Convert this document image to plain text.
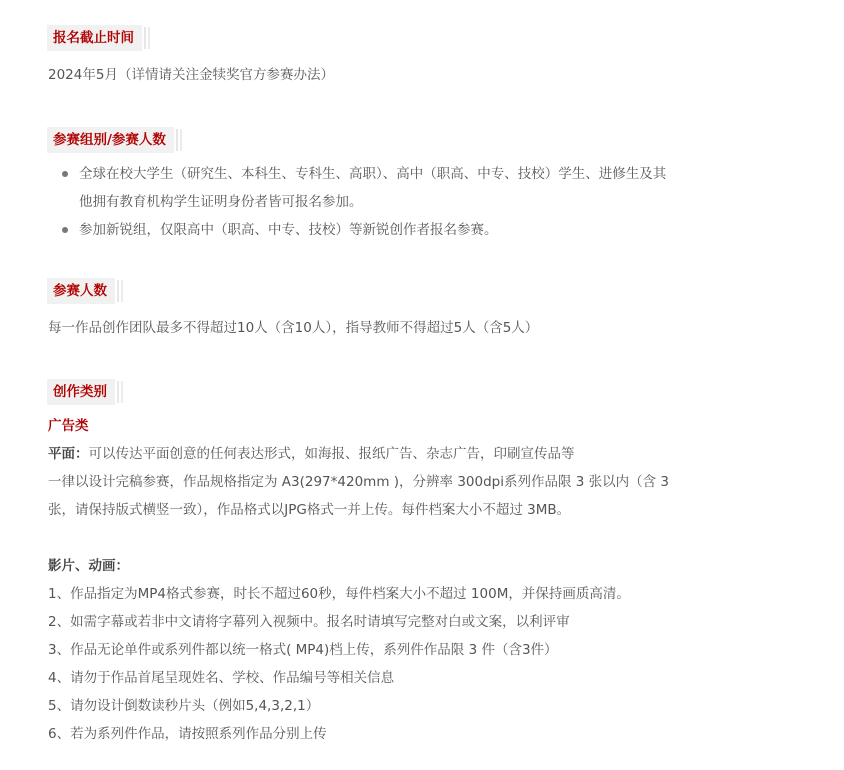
报名截止时间

2024年5月（详情请关注金犊奖官方参赛办法）

参赛组别/参赛人数
全球在校大学生（研究生、本科生、专科生、高职）、高中（职高、中专、技校）学生、进修生及其
他拥有教育机构学生证明身份者皆可报名参加。
参加新锐组，仅限高中（职高、中专、技校）等新锐创作者报名参赛。
参赛人数

每一作品创作团队最多不得超过10人（含10人），指导教师不得超过5人（含5人）

创作类别

广告类

平面：可以传达平面创意的任何表达形式，如海报、报纸广告、杂志广告，印刷宣传品等

一律以设计完稿参赛，作品规格指定为 A3(297*420mm )，分辨率 300dpi系列作品限 3 张以内（含 3

张，请保持版式横竖一致），作品格式以JPG格式一并上传。每件档案大小不超过 3MB。

影片、动画：

1、作品指定为MP4格式参赛，时长不超过60秒，每件档案大小不超过 100M，并保持画质高清。

2、如需字幕或若非中文请将字幕列入视频中。报名时请填写完整对白或文案，以利评审

3、作品无论单件或系列件都以统一格式( MP4)档上传，系列件作品限 3 件（含3件）

4、请勿于作品首尾呈现姓名、学校、作品编号等相关信息

5、请勿设计倒数读秒片头（例如5,4,3,2,1）

6、若为系列件作品，请按照系列作品分别上传
